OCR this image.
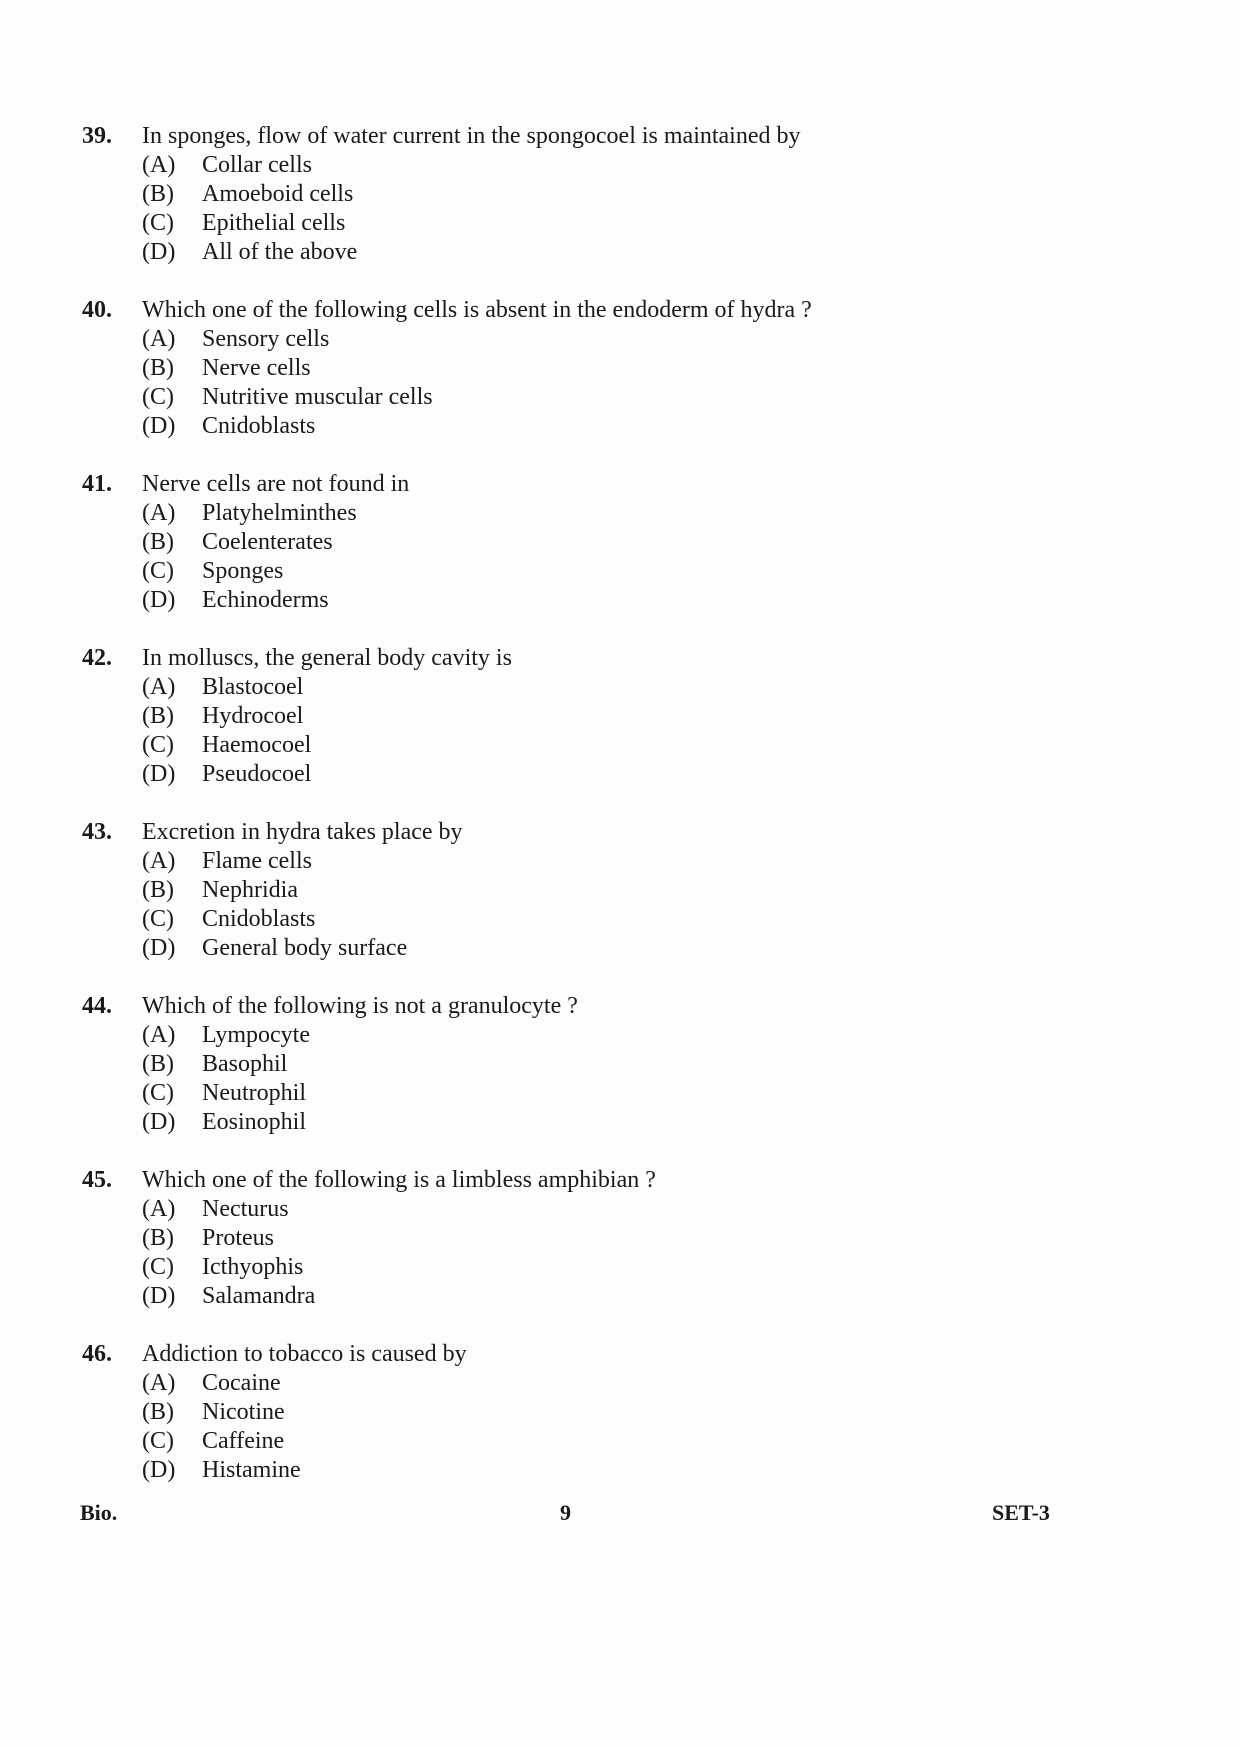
39.	In sponges, flow of water current in the spongocoel is maintained by
(A)	Collar cells
(B)	Amoeboid cells
(C)	Epithelial cells
(D)	All of the above
40.	Which one of the following cells is absent in the endoderm of hydra ?
(A)	Sensory cells
(B)	Nerve cells
(C)	Nutritive muscular cells
(D)	Cnidoblasts
41.	Nerve cells are not found in
(A)	Platyhelminthes
(B)	Coelenterates
(C)	Sponges
(D)	Echinoderms
42.	In molluscs, the general body cavity is
(A)	Blastocoel
(B)	Hydrocoel
(C)	Haemocoel
(D)	Pseudocoel
43.	Excretion in hydra takes place by
(A)	Flame cells
(B)	Nephridia
(C)	Cnidoblasts
(D)	General body surface
44.	Which of the following is not a granulocyte ?
(A)	Lympocyte
(B)	Basophil
(C)	Neutrophil
(D)	Eosinophil
45.	Which one of the following is a limbless amphibian ?
(A)	Necturus
(B)	Proteus
(C)	Icthyophis
(D)	Salamandra
46.	Addiction to tobacco is caused by
(A)	Cocaine
(B)	Nicotine
(C)	Caffeine
(D)	Histamine
Bio.	9	SET-3
